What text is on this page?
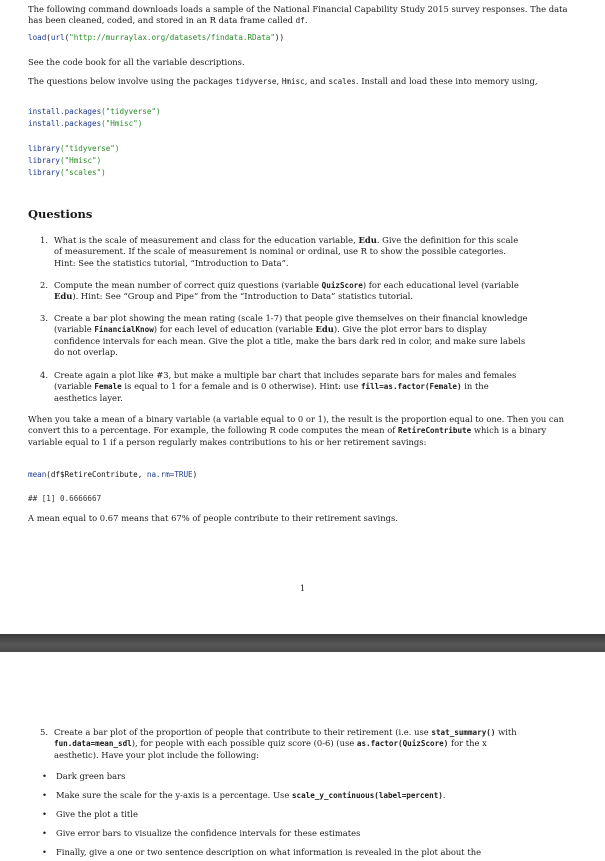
The following command downloads loads a sample of the National Financial Capability Study 2015 survey responses. The data has been cleaned, coded, and stored in an R data frame called df.
load(url("http://murraylax.org/datasets/findata.RData"))
See the code book for all the variable descriptions.
The questions below involve using the packages tidyverse, Hmisc, and scales. Install and load these into memory using,
install.packages("tidyverse")
install.packages("Hmisc")
library("tidyverse")
library("Hmisc")
library("scales")
Questions
1. What is the scale of measurement and class for the education variable, Edu. Give the definition for this scale of measurement. If the scale of measurement is nominal or ordinal, use R to show the possible categories. Hint: See the statistics tutorial, “Introduction to Data”.
2. Compute the mean number of correct quiz questions (variable QuizScore) for each educational level (variable Edu). Hint: See “Group and Pipe” from the “Introduction to Data” statistics tutorial.
3. Create a bar plot showing the mean rating (scale 1-7) that people give themselves on their financial knowledge (variable FinancialKnow) for each level of education (variable Edu). Give the plot error bars to display confidence intervals for each mean. Give the plot a title, make the bars dark red in color, and make sure labels do not overlap.
4. Create again a plot like #3, but make a multiple bar chart that includes separate bars for males and females (variable Female is equal to 1 for a female and is 0 otherwise). Hint: use fill=as.factor(Female) in the aesthetics layer.
When you take a mean of a binary variable (a variable equal to 0 or 1), the result is the proportion equal to one. Then you can convert this to a percentage. For example, the following R code computes the mean of RetireContribute which is a binary variable equal to 1 if a person regularly makes contributions to his or her retirement savings:
mean(df$RetireContribute, na.rm=TRUE)
## [1] 0.6666667
A mean equal to 0.67 means that 67% of people contribute to their retirement savings.
1
5. Create a bar plot of the proportion of people that contribute to their retirement (i.e. use stat_summary() with fun.data=mean_sdl), for people with each possible quiz score (0-6) (use as.factor(QuizScore) for the x aesthetic). Have your plot include the following:
• Dark green bars
• Make sure the scale for the y-axis is a percentage. Use scale_y_continuous(label=percent).
• Give the plot a title
• Give error bars to visualize the confidence intervals for these estimates
• Finally, give a one or two sentence description on what information is revealed in the plot about the
